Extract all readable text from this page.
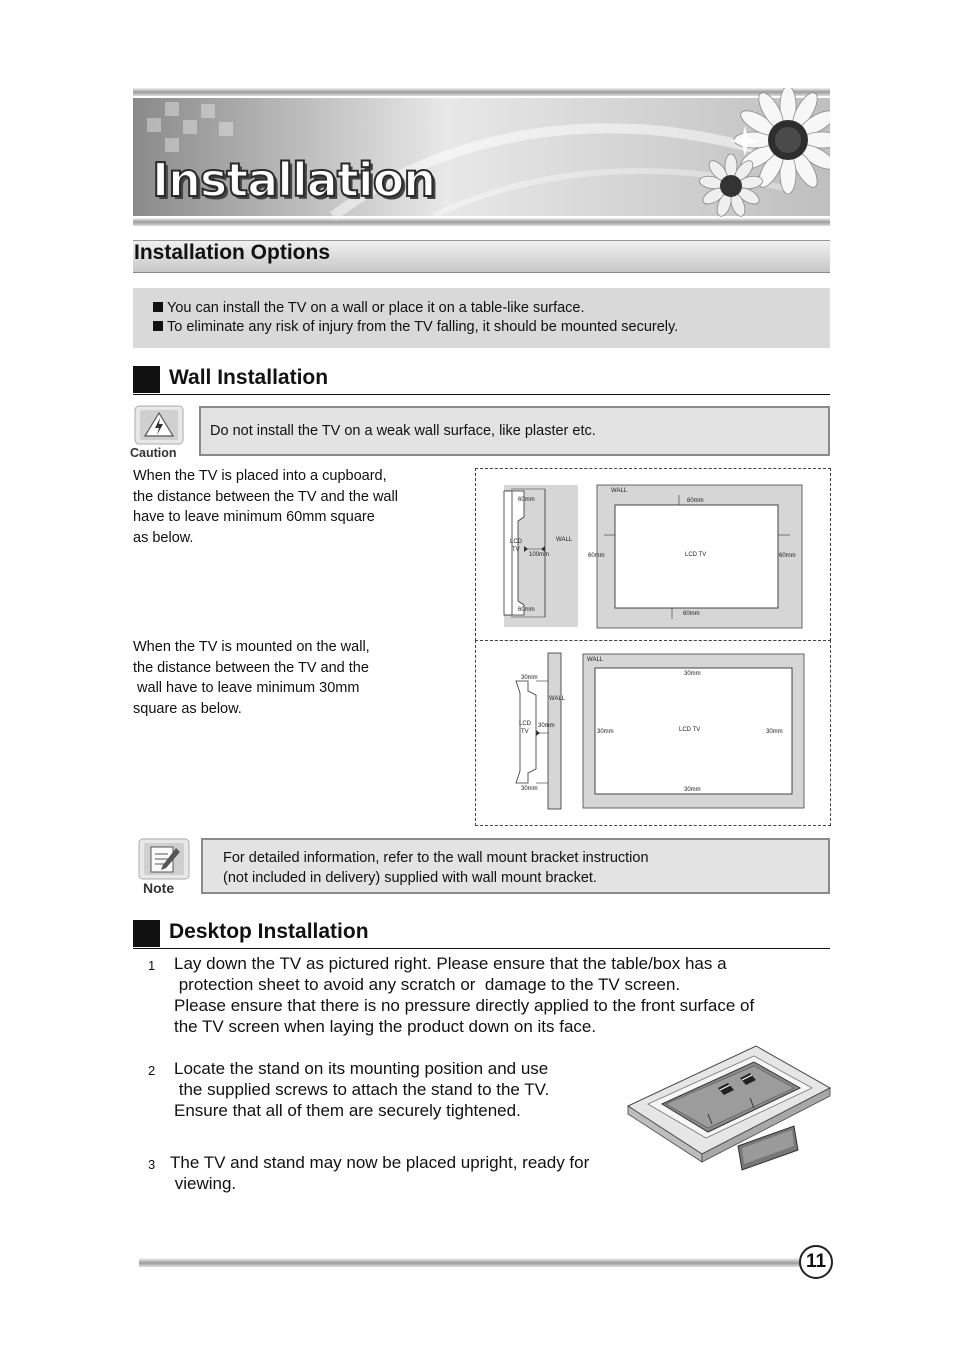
Installation
Installation Options
You can install the TV on a wall or place it on a table-like surface.
To eliminate any risk of injury from the TV falling, it should be mounted securely.
Wall Installation
Caution
Do not install the TV on a weak wall surface, like plaster etc.
When the TV is placed into a cupboard,
the distance between the TV and the wall
have to leave minimum 60mm square
as below.
When the TV is mounted on the wall,
the distance between the TV and the
wall have to leave minimum 30mm
square as below.
60mm
LCD
TV
WALL
100mm
60mm
WALL
60mm
60mm	60mm
60mm
LCD TV
30mm
LCD
TV
WALL
30mm
30mm
WALL
30mm
30mm	30mm
30mm
LCD TV
Note
For detailed information, refer to the wall mount bracket instruction
(not included in delivery) supplied with wall mount bracket.
Desktop Installation
1 Lay down the TV as pictured right. Please ensure that the table/box has a
protection sheet to avoid any scratch or  damage to the TV screen.
Please ensure that there is no pressure directly applied to the front surface of
the TV screen when laying the product down on its face.
2 Locate the stand on its mounting position and use
the supplied screws to attach the stand to the TV.
Ensure that all of them are securely tightened.
3 The TV and stand may now be placed upright, ready for
viewing.
11
